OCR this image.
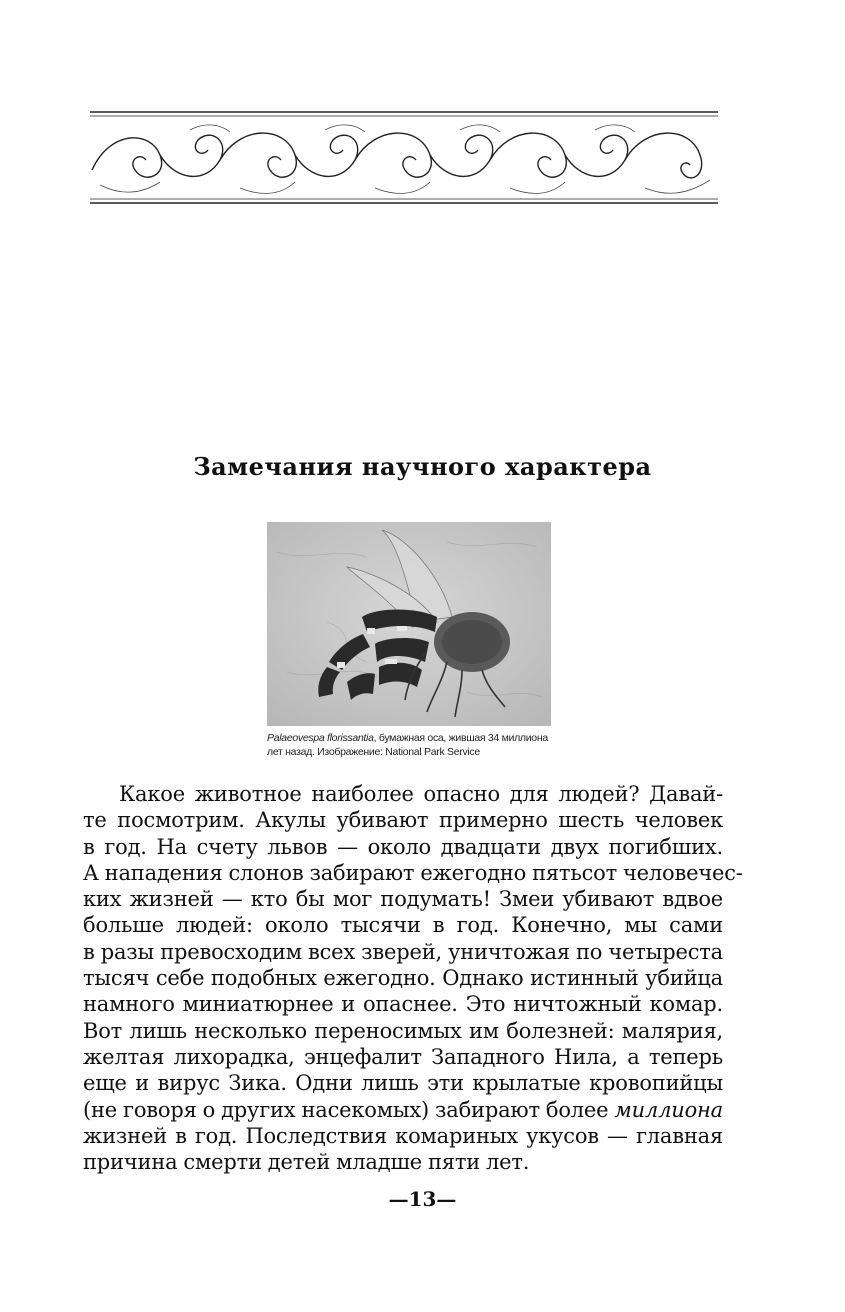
Замечания научного характера
Palaeovespa florissantia, бумажная оса, жившая 34 миллиона
лет назад. Изображение: National Park Service
Какое животное наиболее опасно для людей? Давай-
те посмотрим. Акулы убивают примерно шесть человек
в год. На счету львов — около двадцати двух погибших.
А нападения слонов забирают ежегодно пятьсот человечес-
ких жизней — кто бы мог подумать! Змеи убивают вдвое
больше людей: около тысячи в год. Конечно, мы сами
в разы превосходим всех зверей, уничтожая по четыреста
тысяч себе подобных ежегодно. Однако истинный убийца
намного миниатюрнее и опаснее. Это ничтожный комар.
Вот лишь несколько переносимых им болезней: малярия,
желтая лихорадка, энцефалит Западного Нила, а теперь
еще и вирус Зика. Одни лишь эти крылатые кровопийцы
(не говоря о других насекомых) забирают более миллиона
жизней в год. Последствия комариных укусов — главная
причина смерти детей младше пяти лет.
—13—
